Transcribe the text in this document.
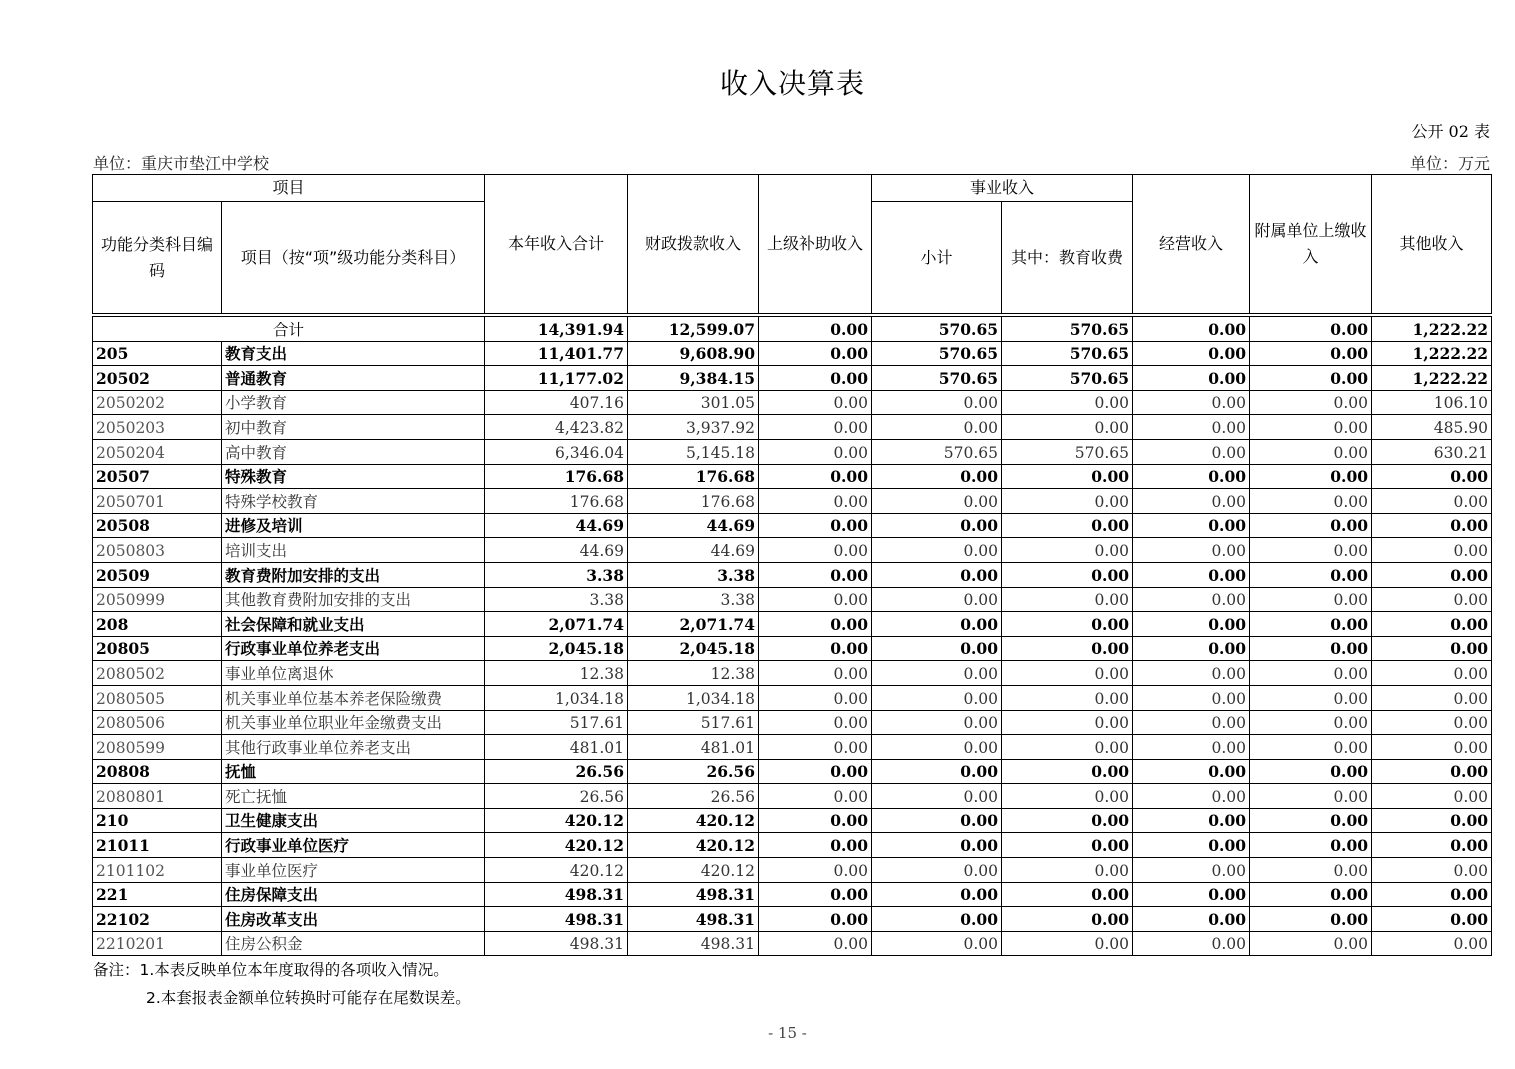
收入决算表
公开 02 表
单位：重庆市垫江中学校	单位：万元
项目		本年收入合计	财政拨款收入	上级补助收入	事业收入		经营收入	附属单位上缴收入	其他收入
功能分类科目编码	项目（按“项”级功能分类科目）				小计	其中：教育收费			

合计		14,391.94	12,599.07	0.00	570.65	570.65	0.00	0.00	1,222.22
205	教育支出	11,401.77	9,608.90	0.00	570.65	570.65	0.00	0.00	1,222.22
20502	普通教育	11,177.02	9,384.15	0.00	570.65	570.65	0.00	0.00	1,222.22
2050202	小学教育	407.16	301.05	0.00	0.00	0.00	0.00	0.00	106.10
2050203	初中教育	4,423.82	3,937.92	0.00	0.00	0.00	0.00	0.00	485.90
2050204	高中教育	6,346.04	5,145.18	0.00	570.65	570.65	0.00	0.00	630.21
20507	特殊教育	176.68	176.68	0.00	0.00	0.00	0.00	0.00	0.00
2050701	特殊学校教育	176.68	176.68	0.00	0.00	0.00	0.00	0.00	0.00
20508	进修及培训	44.69	44.69	0.00	0.00	0.00	0.00	0.00	0.00
2050803	培训支出	44.69	44.69	0.00	0.00	0.00	0.00	0.00	0.00
20509	教育费附加安排的支出	3.38	3.38	0.00	0.00	0.00	0.00	0.00	0.00
2050999	其他教育费附加安排的支出	3.38	3.38	0.00	0.00	0.00	0.00	0.00	0.00
208	社会保障和就业支出	2,071.74	2,071.74	0.00	0.00	0.00	0.00	0.00	0.00
20805	行政事业单位养老支出	2,045.18	2,045.18	0.00	0.00	0.00	0.00	0.00	0.00
2080502	事业单位离退休	12.38	12.38	0.00	0.00	0.00	0.00	0.00	0.00
2080505	机关事业单位基本养老保险缴费	1,034.18	1,034.18	0.00	0.00	0.00	0.00	0.00	0.00
2080506	机关事业单位职业年金缴费支出	517.61	517.61	0.00	0.00	0.00	0.00	0.00	0.00
2080599	其他行政事业单位养老支出	481.01	481.01	0.00	0.00	0.00	0.00	0.00	0.00
20808	抚恤	26.56	26.56	0.00	0.00	0.00	0.00	0.00	0.00
2080801	死亡抚恤	26.56	26.56	0.00	0.00	0.00	0.00	0.00	0.00
210	卫生健康支出	420.12	420.12	0.00	0.00	0.00	0.00	0.00	0.00
21011	行政事业单位医疗	420.12	420.12	0.00	0.00	0.00	0.00	0.00	0.00
2101102	事业单位医疗	420.12	420.12	0.00	0.00	0.00	0.00	0.00	0.00
221	住房保障支出	498.31	498.31	0.00	0.00	0.00	0.00	0.00	0.00
22102	住房改革支出	498.31	498.31	0.00	0.00	0.00	0.00	0.00	0.00
2210201	住房公积金	498.31	498.31	0.00	0.00	0.00	0.00	0.00	0.00
备注：1.本表反映单位本年度取得的各项收入情况。
2.本套报表金额单位转换时可能存在尾数误差。
- 15 -
